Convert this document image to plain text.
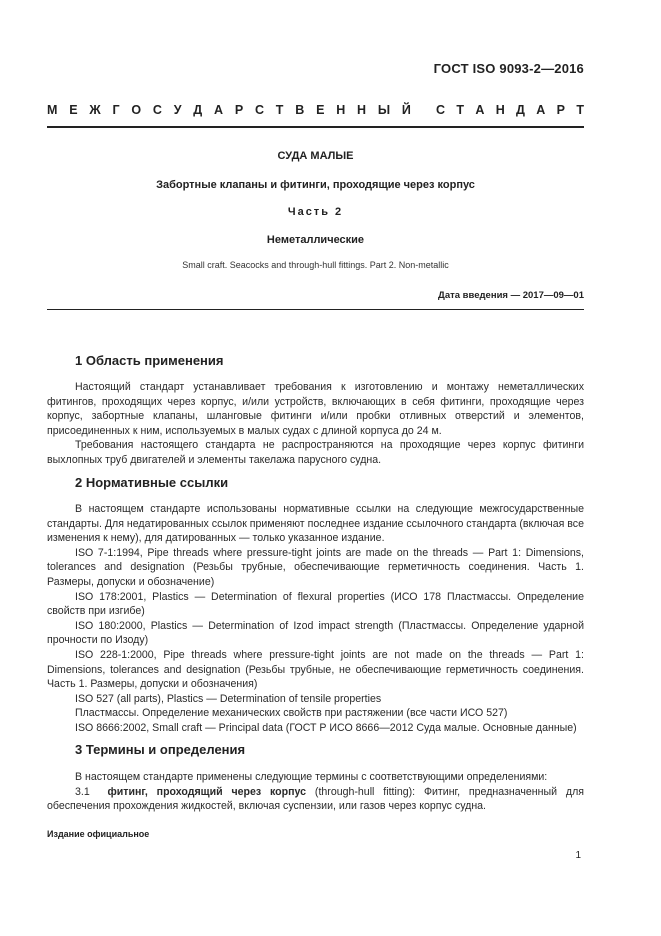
ГОСТ ISO 9093-2—2016
М Е Ж Г О С У Д А Р С Т В Е Н Н Ы Й С Т А Н Д А Р Т
СУДА МАЛЫЕ
Забортные клапаны и фитинги, проходящие через корпус
Часть 2
Неметаллические
Small craft. Seacocks and through-hull fittings. Part 2. Non-metallic
Дата введения — 2017—09—01
1 Область применения

Настоящий стандарт устанавливает требования к изготовлению и монтажу неметаллических фитингов, проходящих через корпус, и/или устройств, включающих в себя фитинги, проходящие через корпус, забортные клапаны, шланговые фитинги и/или пробки отливных отверстий и элементов, присоединенных к ним, используемых в малых судах с длиной корпуса до 24 м.

Требования настоящего стандарта не распространяются на проходящие через корпус фитинги выхлопных труб двигателей и элементы такелажа парусного судна.

2 Нормативные ссылки

В настоящем стандарте использованы нормативные ссылки на следующие межгосударственные стандарты. Для недатированных ссылок применяют последнее издание ссылочного стандарта (включая все изменения к нему), для датированных — только указанное издание.

ISO 7-1:1994, Pipe threads where pressure-tight joints are made on the threads — Part 1: Dimensions, tolerances and designation (Резьбы трубные, обеспечивающие герметичность соединения. Часть 1. Размеры, допуски и обозначение)

ISO 178:2001, Plastics — Determination of flexural properties (ИСО 178 Пластмассы. Определение свойств при изгибе)

ISO 180:2000, Plastics — Determination of Izod impact strength (Пластмассы. Определение ударной прочности по Изоду)

ISO 228-1:2000, Pipe threads where pressure-tight joints are not made on the threads — Part 1: Dimensions, tolerances and designation (Резьбы трубные, не обеспечивающие герметичность соединения. Часть 1. Размеры, допуски и обозначения)

ISO 527 (all parts), Plastics — Determination of tensile properties

Пластмассы. Определение механических свойств при растяжении (все части ИСО 527)

ISO 8666:2002, Small craft — Principal data (ГОСТ Р ИСО 8666—2012 Суда малые. Основные данные)

3 Термины и определения

В настоящем стандарте применены следующие термины с соответствующими определениями:

3.1 фитинг, проходящий через корпус (through-hull fitting): Фитинг, предназначенный для обеспечения прохождения жидкостей, включая суспензии, или газов через корпус судна.

Издание официальное
1
